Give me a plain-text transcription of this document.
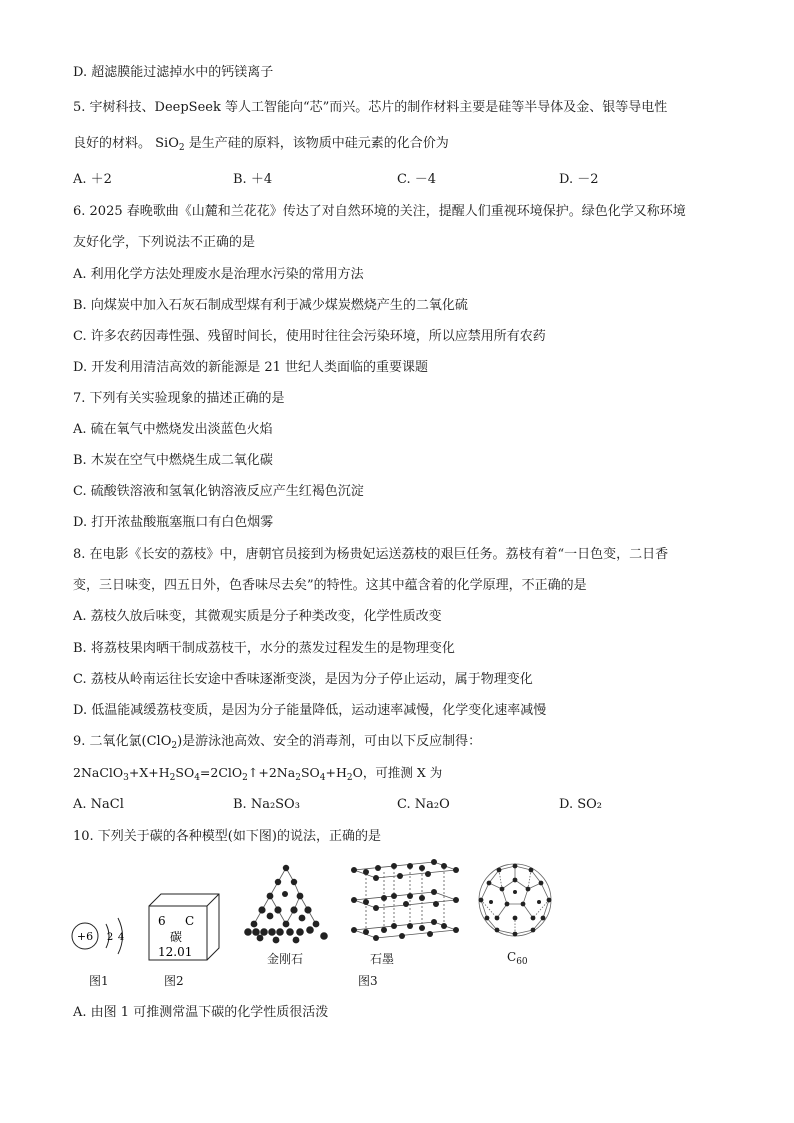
D. 超滤膜能过滤掉水中的钙镁离子
5. 宇树科技、DeepSeek 等人工智能向“芯”而兴。芯片的制作材料主要是硅等半导体及金、银等导电性
良好的材料。 SiO$_2$ 是生产硅的原料，该物质中硅元素的化合价为
A. ＋2	B. ＋4	C. －4	D. －2
6. 2025 春晚歌曲《山麓和兰花花》传达了对自然环境的关注，提醒人们重视环境保护。绿色化学又称环境
友好化学，下列说法不正确的是
A. 利用化学方法处理废水是治理水污染的常用方法
B. 向煤炭中加入石灰石制成型煤有利于减少煤炭燃烧产生的二氧化硫
C. 许多农药因毒性强、残留时间长，使用时往往会污染环境，所以应禁用所有农药
D. 开发利用清洁高效的新能源是 21 世纪人类面临的重要课题
7. 下列有关实验现象的描述正确的是
A. 硫在氧气中燃烧发出淡蓝色火焰
B. 木炭在空气中燃烧生成二氧化碳
C. 硫酸铁溶液和氢氧化钠溶液反应产生红褐色沉淀
D. 打开浓盐酸瓶塞瓶口有白色烟雾
8. 在电影《长安的荔枝》中，唐朝官员接到为杨贵妃运送荔枝的艰巨任务。荔枝有着“一日色变，二日香
变，三日味变，四五日外，色香味尽去矣”的特性。这其中蕴含着的化学原理，不正确的是
A. 荔枝久放后味变，其微观实质是分子种类改变，化学性质改变
B. 将荔枝果肉晒干制成荔枝干，水分的蒸发过程发生的是物理变化
C. 荔枝从岭南运往长安途中香味逐渐变淡，是因为分子停止运动，属于物理变化
D. 低温能减缓荔枝变质，是因为分子能量降低，运动速率减慢，化学变化速率减慢
9. 二氧化氯(ClO$_2$)是游泳池高效、安全的消毒剂，可由以下反应制得：
$2NaClO_3+X+H_2SO_4=2ClO_2↑+2Na_2SO_4+H_2O$，可推测 X 为
A. NaCl	B. Na₂SO₃	C. Na₂O	D. SO₂
10. 下列关于碳的各种模型(如下图)的说法，正确的是
+6 2 4
图1
6 C
碳
12.01
图2
金刚石	石墨
图3
$C_{60}$
A. 由图 1 可推测常温下碳的化学性质很活泼
